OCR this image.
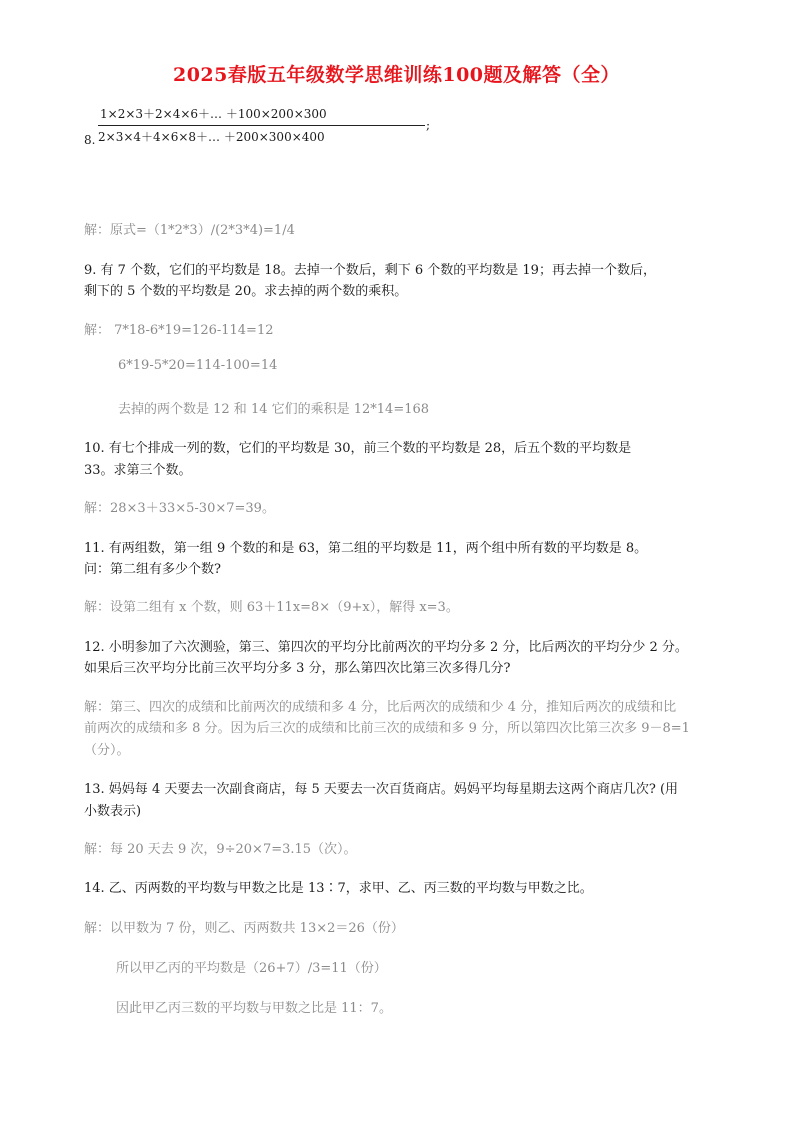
2025春版五年级数学思维训练100题及解答（全）
8.
1×2×3＋2×4×6＋… ＋100×200×300
2×3×4＋4×6×8＋… ＋200×300×400
;
解：原式=（1*2*3）/(2*3*4)=1/4
9. 有 7 个数，它们的平均数是 18。去掉一个数后，剩下 6 个数的平均数是 19；再去掉一个数后，
剩下的 5 个数的平均数是 20。求去掉的两个数的乘积。
解： 7*18-6*19=126-114=12
6*19-5*20=114-100=14
去掉的两个数是 12 和 14 它们的乘积是 12*14=168
10. 有七个排成一列的数，它们的平均数是 30，前三个数的平均数是 28，后五个数的平均数是
33。求第三个数。
解：28×3＋33×5-30×7=39。
11. 有两组数，第一组 9 个数的和是 63，第二组的平均数是 11，两个组中所有数的平均数是 8。
问：第二组有多少个数?
解：设第二组有 x 个数，则 63＋11x=8×（9+x），解得 x=3。
12. 小明参加了六次测验，第三、第四次的平均分比前两次的平均分多 2 分，比后两次的平均分少 2 分。
如果后三次平均分比前三次平均分多 3 分，那么第四次比第三次多得几分?
解：第三、四次的成绩和比前两次的成绩和多 4 分，比后两次的成绩和少 4 分，推知后两次的成绩和比
前两次的成绩和多 8 分。因为后三次的成绩和比前三次的成绩和多 9 分，所以第四次比第三次多 9－8=1
（分）。
13. 妈妈每 4 天要去一次副食商店，每 5 天要去一次百货商店。妈妈平均每星期去这两个商店几次? (用
小数表示)
解：每 20 天去 9 次，9÷20×7=3.15（次）。
14. 乙、丙两数的平均数与甲数之比是 13∶7，求甲、乙、丙三数的平均数与甲数之比。
解：以甲数为 7 份，则乙、丙两数共 13×2＝26（份）
所以甲乙丙的平均数是（26+7）/3=11（份）
因此甲乙丙三数的平均数与甲数之比是 11：7。
